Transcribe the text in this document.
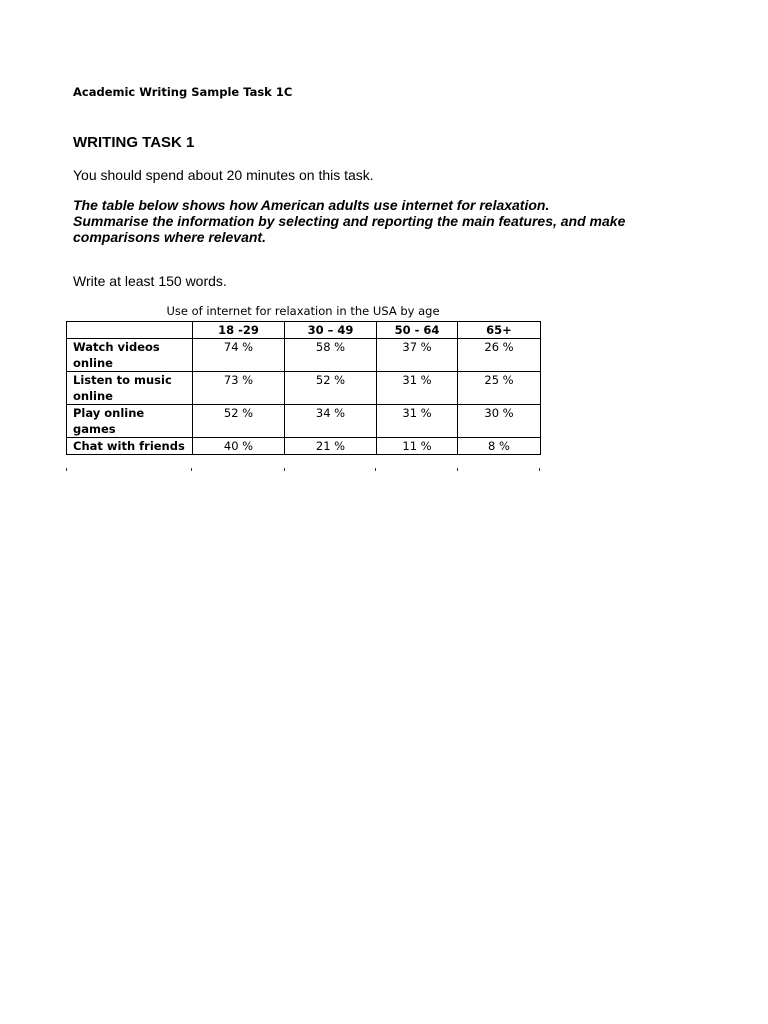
Academic Writing Sample Task 1C
WRITING TASK 1
You should spend about 20 minutes on this task.
The table below shows how American adults use internet for relaxation.
Summarise the information by selecting and reporting the main features, and make
comparisons where relevant.
Write at least 150 words.
Use of internet for relaxation in the USA by age
	18 -29	30 – 49	50 - 64	65+

Watch videos
online	74 %	58 %	37 %	26 %

Listen to music
online	73 %	52 %	31 %	25 %
Play online games	52 %	34 %	31 %	30 %
Chat with friends	40 %	21 %	11 %	8 %
